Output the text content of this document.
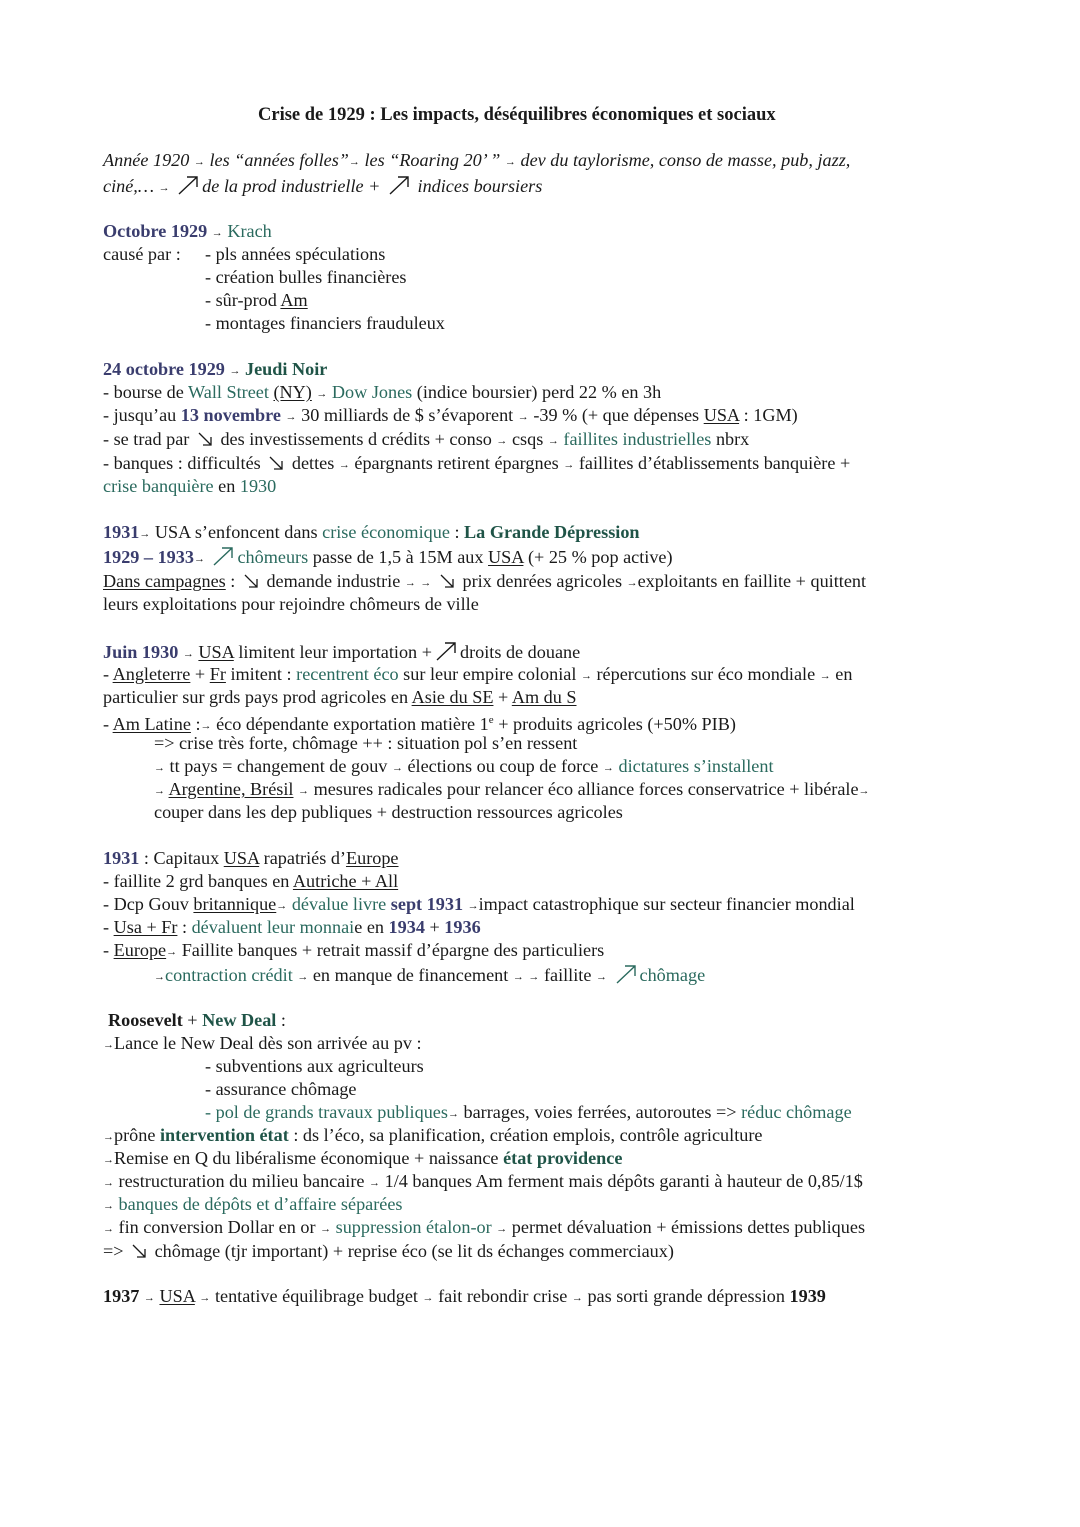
Crise de 1929 : Les impacts, déséquilibres économiques et sociaux
Année 1920 → les “années folles”→ les “Roaring 20’ ” → dev du taylorisme, conso de masse, pub, jazz,
ciné,… → de la prod industrielle + indices boursiers
Octobre 1929 → Krach
causé par : - pls années spéculations
- création bulles financières
- sûr-prod Am
- montages financiers frauduleux
24 octobre 1929 → Jeudi Noir
- bourse de Wall Street (NY) → Dow Jones (indice boursier) perd 22 % en 3h
- jusqu’au 13 novembre → 30 milliards de $ s’évaporent → -39 % (+ que dépenses USA : 1GM)
- se trad par des investissements d crédits + conso → csqs → faillites industrielles nbrx
- banques : difficultés dettes → épargnants retirent épargnes → faillites d’établissements banquière +
crise banquière en 1930
1931→ USA s’enfoncent dans crise économique : La Grande Dépression
1929 – 1933→ chômeurs passe de 1,5 à 15M aux USA (+ 25 % pop active)
Dans campagnes : demande industrie → → prix denrées agricoles →exploitants en faillite + quittent
leurs exploitations pour rejoindre chômeurs de ville
Juin 1930 → USA limitent leur importation + droits de douane
- Angleterre + Fr imitent : recentrent éco sur leur empire colonial → répercutions sur éco mondiale → en
particulier sur grds pays prod agricoles en Asie du SE + Am du S
- Am Latine :→ éco dépendante exportation matière $1^e$ + produits agricoles (+50% PIB)
=> crise très forte, chômage ++ : situation pol s’en ressent
→ tt pays = changement de gouv → élections ou coup de force → dictatures s’installent
→ Argentine, Brésil → mesures radicales pour relancer éco alliance forces conservatrice + libérale→
couper dans les dep publiques + destruction ressources agricoles
1931 : Capitaux USA rapatriés d’Europe
- faillite 2 grd banques en Autriche + All
- Dcp Gouv britannique→ dévalue livre sept 1931 →impact catastrophique sur secteur financier mondial
- Usa + Fr : dévaluent leur monnaie en 1934 + 1936
- Europe→ Faillite banques + retrait massif d’épargne des particuliers
→contraction crédit → en manque de financement → → faillite → chômage
Roosevelt + New Deal :
→Lance le New Deal dès son arrivée au pv :
- subventions aux agriculteurs
- assurance chômage
- pol de grands travaux publiques→ barrages, voies ferrées, autoroutes => réduc chômage
→prône intervention état : ds l’éco, sa planification, création emplois, contrôle agriculture
→Remise en Q du libéralisme économique + naissance état providence
→ restructuration du milieu bancaire → 1/4 banques Am ferment mais dépôts garanti à hauteur de 0,85/1$
→ banques de dépôts et d’affaire séparées
→ fin conversion Dollar en or → suppression étalon-or → permet dévaluation + émissions dettes publiques
=> chômage (tjr important) + reprise éco (se lit ds échanges commerciaux)
1937 → USA → tentative équilibrage budget → fait rebondir crise → pas sorti grande dépression 1939
